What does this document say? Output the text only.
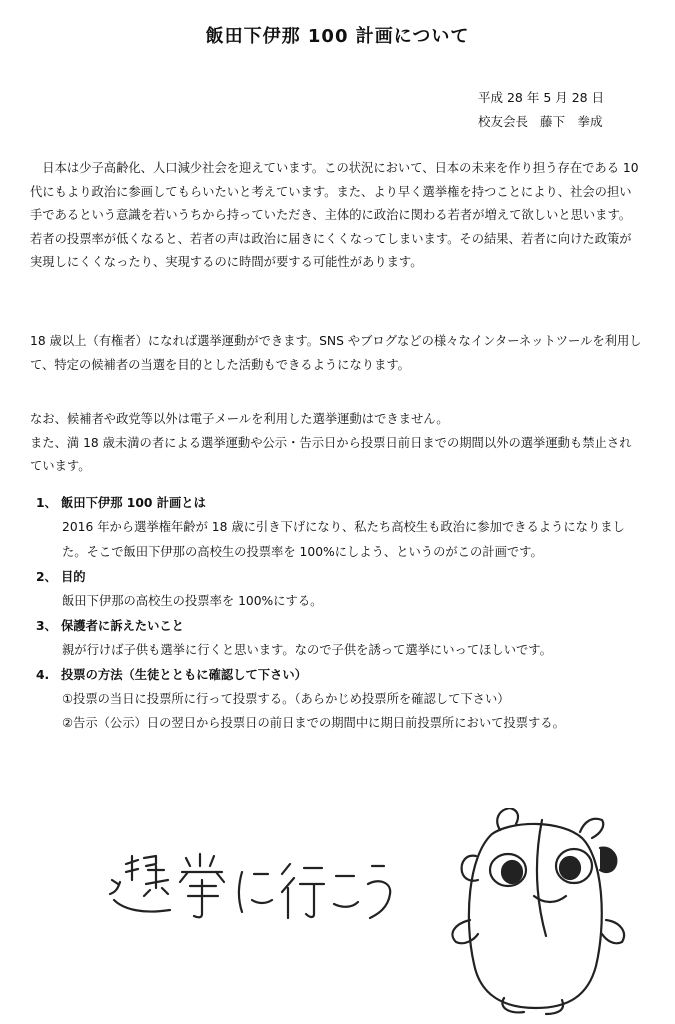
飯田下伊那 100 計画について
平成 28 年 5 月 28 日
校友会長 藤下　拳成

日本は少子高齢化、人口減少社会を迎えています。この状況において、日本の未来を作り担う存在である 10 代にもより政治に参画してもらいたいと考えています。また、より早く選挙権を持つことにより、社会の担い手であるという意識を若いうちから持っていただき、主体的に政治に関わる若者が増えて欲しいと思います。

若者の投票率が低くなると、若者の声は政治に届きにくくなってしまいます。その結果、若者に向けた政策が実現しにくくなったり、実現するのに時間が要する可能性があります。

18 歳以上（有権者）になれば選挙運動ができます。SNS やブログなどの様々なインターネットツールを利用して、特定の候補者の当選を目的とした活動もできるようになります。

なお、候補者や政党等以外は電子メールを利用した選挙運動はできません。

また、満 18 歳未満の者による選挙運動や公示・告示日から投票日前日までの期間以外の選挙運動も禁止されています。

1、 飯田下伊那 100 計画とは

2016 年から選挙権年齢が 18 歳に引き下げになり、私たち高校生も政治に参加できるようになりました。そこで飯田下伊那の高校生の投票率を 100%にしよう、というのがこの計画です。

2、 目的

飯田下伊那の高校生の投票率を 100%にする。

3、 保護者に訴えたいこと

親が行けば子供も選挙に行くと思います。なので子供を誘って選挙にいってほしいです。

4. 投票の方法（生徒とともに確認して下さい）

①投票の当日に投票所に行って投票する。（あらかじめ投票所を確認して下さい）

②告示（公示）日の翌日から投票日の前日までの期間中に期日前投票所において投票する。
